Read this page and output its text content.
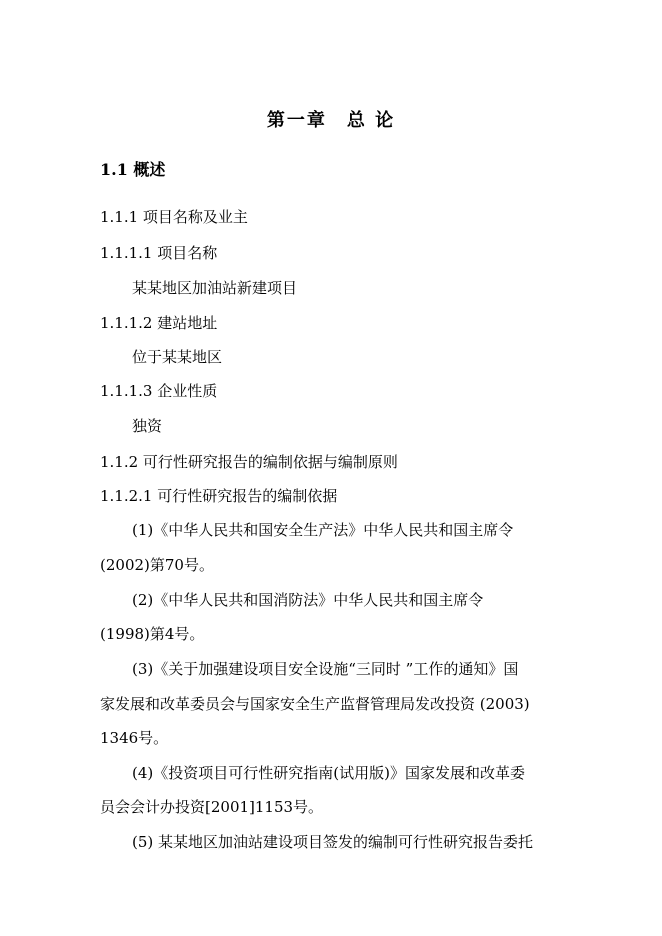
第一章　总 论
1.1 概述
1.1.1 项目名称及业主
1.1.1.1 项目名称
某某地区加油站新建项目
1.1.1.2 建站地址
位于某某地区
1.1.1.3 企业性质
独资
1.1.2 可行性研究报告的编制依据与编制原则
1.1.2.1 可行性研究报告的编制依据
(1)《中华人民共和国安全生产法》中华人民共和国主席令
(2002)第70号。
(2)《中华人民共和国消防法》中华人民共和国主席令
(1998)第4号。
(3)《关于加强建设项目安全设施“三同时 ”工作的通知》国
家发展和改革委员会与国家安全生产监督管理局发改投资 (2003)
1346号。
(4)《投资项目可行性研究指南(试用版)》国家发展和改革委
员会会计办投资[2001]1153号。
(5) 某某地区加油站建设项目签发的编制可行性研究报告委托
